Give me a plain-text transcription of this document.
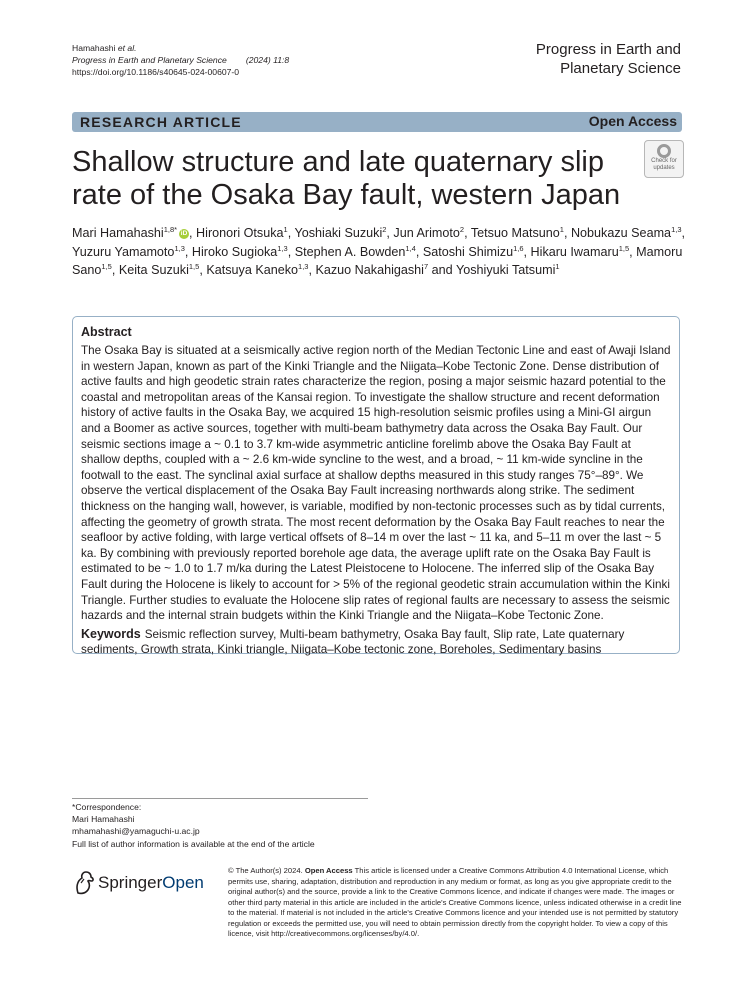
Hamahashi et al.
Progress in Earth and Planetary Science (2024) 11:8
https://doi.org/10.1186/s40645-024-00607-0
Progress in Earth and
Planetary Science
RESEARCH ARTICLE	Open Access
Shallow structure and late quaternary slip rate of the Osaka Bay fault, western Japan
Check for
updates
Mari Hamahashi$^{1,8*}$ iD , Hironori Otsuka$^1$, Yoshiaki Suzuki$^2$, Jun Arimoto$^2$, Tetsuo Matsuno$^1$, Nobukazu Seama$^{1,3}$, Yuzuru Yamamoto$^{1,3}$, Hiroko Sugioka$^{1,3}$, Stephen A. Bowden$^{1,4}$, Satoshi Shimizu$^{1,6}$, Hikaru Iwamaru$^{1,5}$, Mamoru Sano$^{1,5}$, Keita Suzuki$^{1,5}$, Katsuya Kaneko$^{1,3}$, Kazuo Nakahigashi$^7$ and Yoshiyuki Tatsumi$^1$
Abstract

The Osaka Bay is situated at a seismically active region north of the Median Tectonic Line and east of Awaji Island in western Japan, known as part of the Kinki Triangle and the Niigata–Kobe Tectonic Zone. Dense distribution of active faults and high geodetic strain rates characterize the region, posing a major seismic hazard potential to the coastal and metropolitan areas of the Kansai region. To investigate the shallow structure and recent deformation history of active faults in the Osaka Bay, we acquired 15 high-resolution seismic profiles using a Mini-GI airgun and a Boomer as active sources, together with multi-beam bathymetry data across the Osaka Bay Fault. Our seismic sections image a ~ 0.1 to 3.7 km-wide asymmetric anticline forelimb above the Osaka Bay Fault at shallow depths, coupled with a ~ 2.6 km-wide syncline to the west, and a broad, ~ 11 km-wide syncline in the footwall to the east. The synclinal axial surface at shallow depths measured in this study ranges 75°–89°. We observe the vertical displacement of the Osaka Bay Fault increasing northwards along strike. The sediment thickness on the hanging wall, however, is variable, modified by non-tectonic processes such as by tidal currents, affecting the geometry of growth strata. The most recent deformation by the Osaka Bay Fault reaches to near the seafloor by active folding, with large vertical offsets of 8–14 m over the last ~ 11 ka, and 5–11 m over the last ~ 5 ka. By combining with previously reported borehole age data, the average uplift rate on the Osaka Bay Fault is estimated to be ~ 1.0 to 1.7 m/ka during the Latest Pleistocene to Holocene. The inferred slip of the Osaka Bay Fault during the Holocene is likely to account for > 5% of the regional geodetic strain accumulation within the Kinki Triangle. Further studies to evaluate the Holocene slip rates of regional faults are necessary to assess the seismic hazards and the internal strain budgets within the Kinki Triangle and the Niigata–Kobe Tectonic Zone.

Keywords Seismic reflection survey, Multi-beam bathymetry, Osaka Bay fault, Slip rate, Late quaternary sediments, Growth strata, Kinki triangle, Niigata–Kobe tectonic zone, Boreholes, Sedimentary basins

*Correspondence:
Mari Hamahashi
mhamahashi@yamaguchi-u.ac.jp
Full list of author information is available at the end of the article
SpringerOpen
© The Author(s) 2024. Open Access This article is licensed under a Creative Commons Attribution 4.0 International License, which permits use, sharing, adaptation, distribution and reproduction in any medium or format, as long as you give appropriate credit to the original author(s) and the source, provide a link to the Creative Commons licence, and indicate if changes were made. The images or other third party material in this article are included in the article's Creative Commons licence, unless indicated otherwise in a credit line to the material. If material is not included in the article's Creative Commons licence and your intended use is not permitted by statutory regulation or exceeds the permitted use, you will need to obtain permission directly from the copyright holder. To view a copy of this licence, visit http://creativecommons.org/licenses/by/4.0/.
